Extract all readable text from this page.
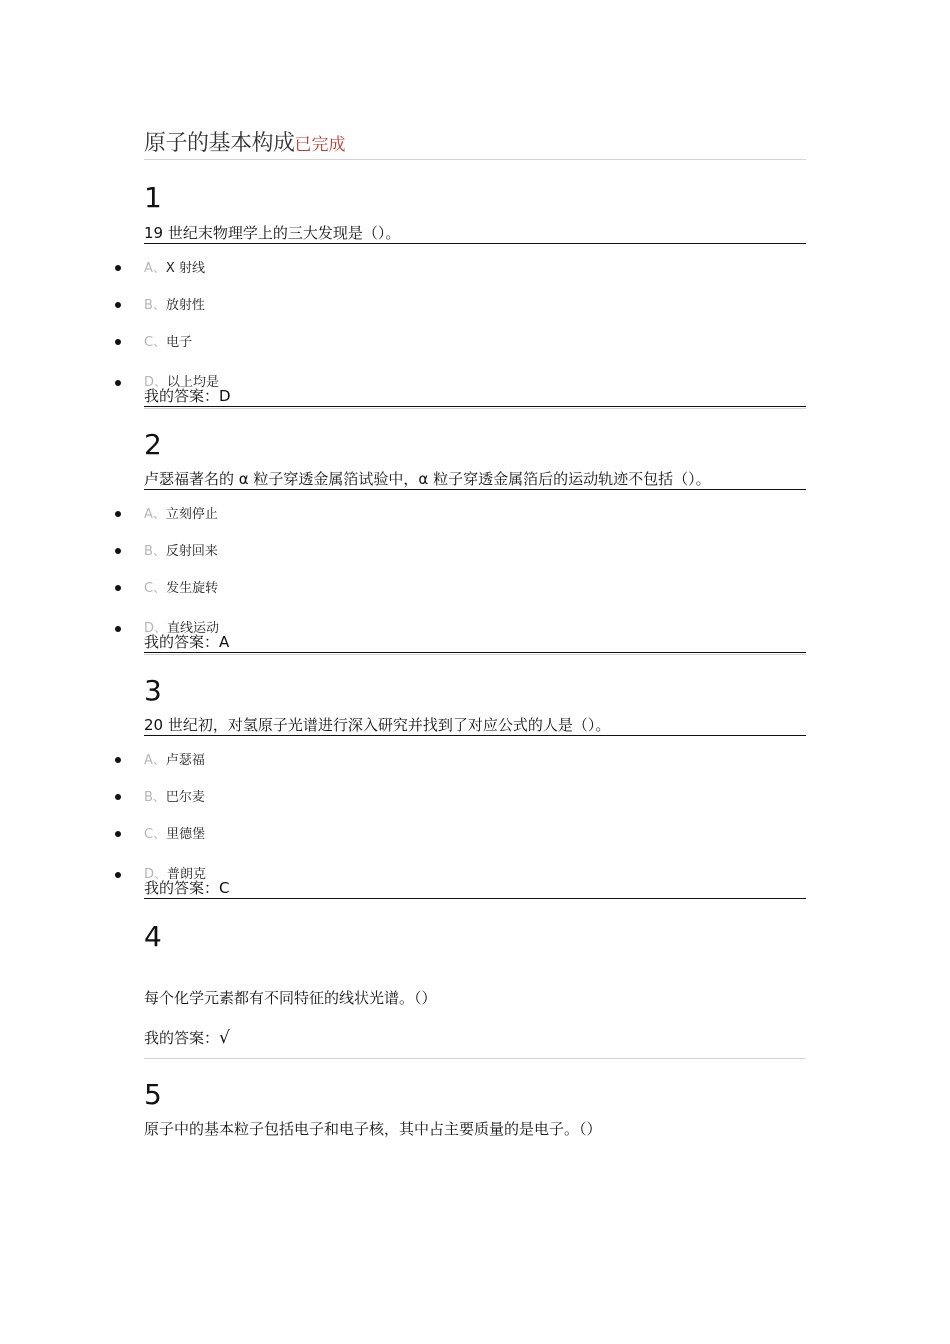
原子的基本构成已完成
1
19 世纪末物理学上的三大发现是（）。
A、X 射线
B、放射性
C、电子
D、以上均是
我的答案：D
2
卢瑟福著名的 α 粒子穿透金属箔试验中，α 粒子穿透金属箔后的运动轨迹不包括（）。
A、立刻停止
B、反射回来
C、发生旋转
D、直线运动
我的答案：A
3
20 世纪初，对氢原子光谱进行深入研究并找到了对应公式的人是（）。
A、卢瑟福
B、巴尔麦
C、里德堡
D、普朗克
我的答案：C
4
每个化学元素都有不同特征的线状光谱。（）
我的答案：√
5
原子中的基本粒子包括电子和电子核，其中占主要质量的是电子。（）
